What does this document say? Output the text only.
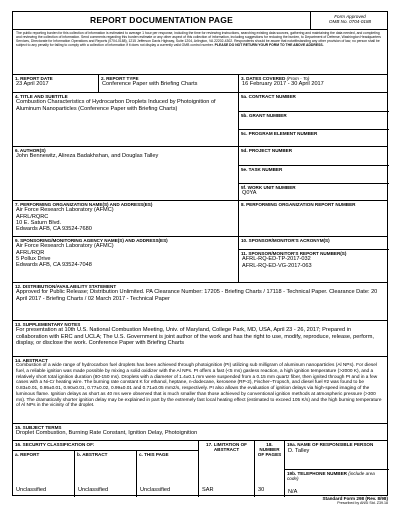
REPORT DOCUMENTATION PAGE	Form Approved
OMB No. 0704-0188
The public reporting burden for this collection of information is estimated to average 1 hour per response, including the time for reviewing instructions, searching existing data sources, gathering and maintaining the data needed, and completing and reviewing the collection of information. Send comments regarding this burden estimate or any other aspect of this collection of information, including suggestions for reducing the burden, to Department of Defense, Washington Headquarters Services, Directorate for Information Operations and Reports (0704-0188), 1215 Jefferson Davis Highway, Suite 1204, Arlington, VA 22202-4302. Respondents should be aware that notwithstanding any other provision of law, no person shall be subject to any penalty for failing to comply with a collection of information if it does not display a currently valid OMB control number. PLEASE DO NOT RETURN YOUR FORM TO THE ABOVE ADDRESS.
1. REPORT DATE
23 April 2017
2. REPORT TYPE
Conference Paper with Briefing Charts
3. DATES COVERED (From - To)
16 February 2017 - 30 April 2017
4. TITLE AND SUBTITLE
Combustion Characteristics of Hydrocarbon Droplets Induced by Photoignition of Aluminum Nanoparticles (Conference Paper with Briefing Charts)
5a. CONTRACT NUMBER
5b. GRANT NUMBER
5c. PROGRAM ELEMENT NUMBER
6. AUTHOR(S)
John Bennewitz, Alireza Badakhshan, and Douglas Talley
5d. PROJECT NUMBER
5e. TASK NUMBER
5f. WORK UNIT NUMBER
Q0YA
7. PERFORMING ORGANIZATION NAME(S) AND ADDRESS(ES)
Air Force Research Laboratory (AFMC)
AFRL/RQRC
10 E. Saturn Blvd.
Edwards AFB, CA 93524-7680
8. PERFORMING ORGANIZATION REPORT NUMBER
9. SPONSORING/MONITORING AGENCY NAME(S) AND ADDRESS(ES)
Air Force Research Laboratory (AFMC)
AFRL/RQR
5 Pollux Drive
Edwards AFB, CA 93524-7048
10. SPONSOR/MONITOR'S ACRONYM(S)
11. SPONSOR/MONITOR'S REPORT NUMBER(S)
AFRL-RQ-ED-TP-2017-032
AFRL-RQ-ED-VG-2017-063
12. DISTRIBUTION/AVAILABILITY STATEMENT
Approved for Public Release; Distribution Unlimited. PA Clearance Number: 17205 - Briefing Charts / 17118 - Technical Paper. Clearance Date: 20 April 2017 - Briefing Charts / 02 March 2017 - Technical Paper
13. SUPPLEMENTARY NOTES
For presentation at 10th U.S. National Combustion Meeting, Univ. of Maryland, College Park, MD, USA, April 23 - 26, 2017; Prepared in collaboration with ERC and UCLA; The U.S. Government is joint author of the work and has the right to use, modify, reproduce, release, perform, display, or disclose the work. Conference Paper with Briefing Charts
14. ABSTRACT
Combustion of a wide range of hydrocarbon fuel droplets has been achieved through photoignition (PI) utilizing sub milligram of aluminum nanoparticles (Al NPs). For diesel fuel, a reliable ignition was made possible by mixing a solid oxidizer with the Al NPs. PI offers a fast (<5 ms) gasless reaction, a high ignition temperature (>2000 K), and a relatively short total ignition duration (80-150 ms). Droplets with a diameter of 1.4±0.1 mm were suspended from a 0.15 mm quartz fiber, then ignited through PI and in a few cases with a Ni-Cr heating wire. The burning rate constant K for ethanol, heptane, n-dodecane, kerosene (RP-2), Fischer–Tropsch, and diesel fuel #2 was found to be 0.83±0.01, 0.95±0.01, 0.90±0.01, 0.77±0.02, 0.99±0.01 and 0.71±0.05 mm2/s, respectively. PI also allows the evaluation of ignition delays via high-speed imaging of the luminous flame. Ignition delays as short as 40 ms were observed that is much smaller than those achieved by conventional ignition methods at atmospheric pressure (>300 ms). The dramatically shorter ignition delay may be explained in part by the extremely fast local heating effect (estimated to exceed 105 K/s) and the high burning temperature of Al NPs in the vicinity of the droplet.
15. SUBJECT TERMS
Droplet Combustion, Burning Rate Constant, Ignition Delay, Photoignition
16. SECURITY CLASSIFICATION OF:
a. REPORT
Unclassified
b. ABSTRACT
Unclassified
c. THIS PAGE
Unclassified
17. LIMITATION OF ABSTRACT
SAR
18. NUMBER OF PAGES
30
19a. NAME OF RESPONSIBLE PERSON
D. Talley
19b. TELEPHONE NUMBER (include area code)
N/A
Standard Form 298 (Rev. 8/98)
Prescribed by ANSI Std. Z39.18
